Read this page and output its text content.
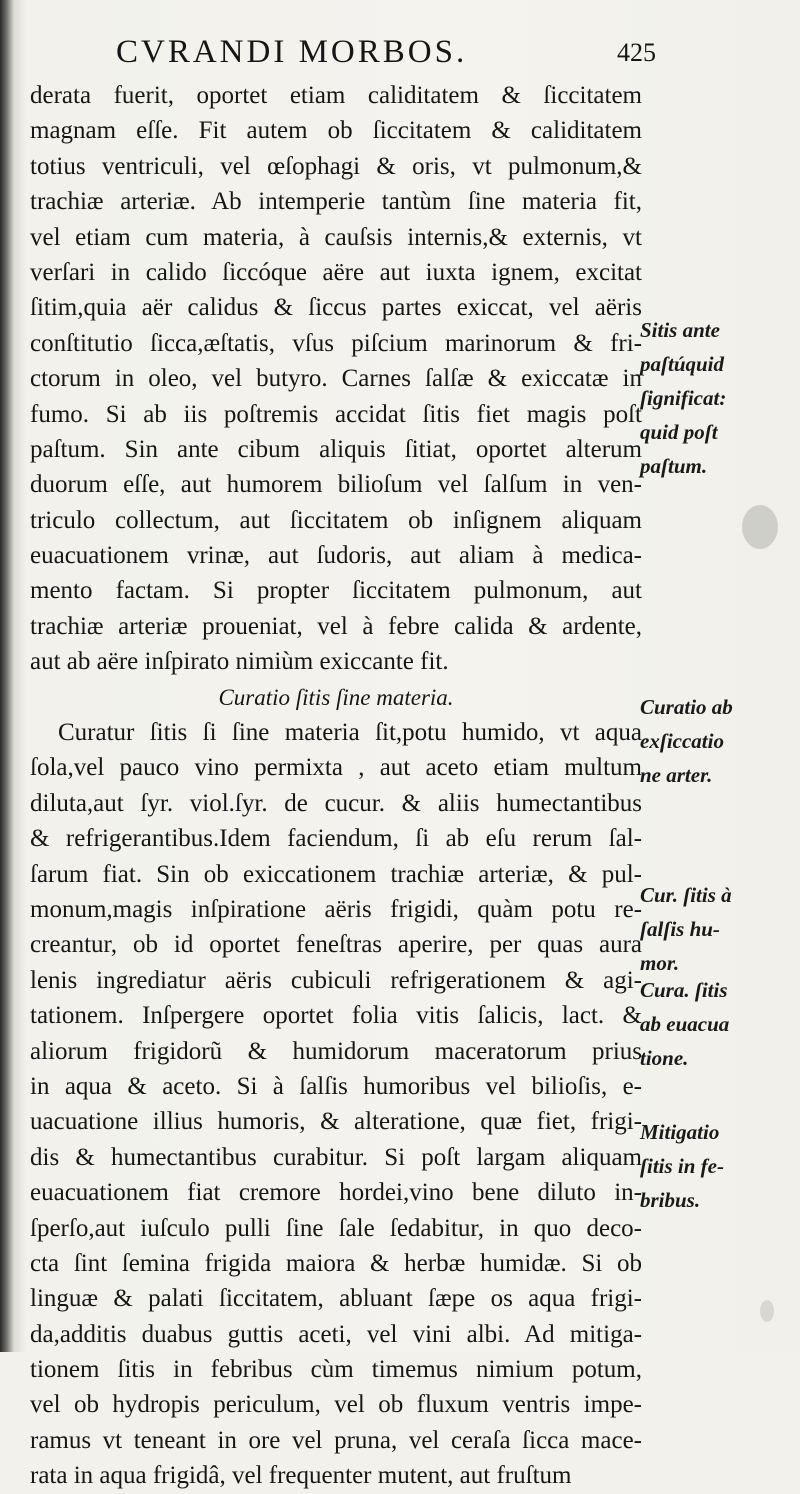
CVRANDI MORBOS.	425
derata fuerit, oportet etiam caliditatem & ſiccitatem
magnam eſſe. Fit autem ob ſiccitatem & caliditatem
totius ventriculi, vel œſophagi & oris, vt pulmonum,&
trachiæ arteriæ. Ab intemperie tantùm ſine materia fit,
vel etiam cum materia, à cauſsis internis,& externis, vt
verſari in calido ſiccóque aëre aut iuxta ignem, excitat
ſitim,quia aër calidus & ſiccus partes exiccat, vel aëris
conſtitutio ſicca,æſtatis, vſus piſcium marinorum & fri-
ctorum in oleo, vel butyro. Carnes ſalſæ & exiccatæ in
fumo. Si ab iis poſtremis accidat ſitis fiet magis poſt
paſtum. Sin ante cibum aliquis ſitiat, oportet alterum
duorum eſſe, aut humorem bilioſum vel ſalſum in ven-
triculo collectum, aut ſiccitatem ob inſignem aliquam
euacuationem vrinæ, aut ſudoris, aut aliam à medica-
mento factam. Si propter ſiccitatem pulmonum, aut
trachiæ arteriæ proueniat, vel à febre calida & ardente,
aut ab aëre inſpirato nimiùm exiccante fit.
Curatio ſitis ſine materia.
Curatur ſitis ſi ſine materia ſit,potu humido, vt aqua
ſola,vel pauco vino permixta , aut aceto etiam multum
diluta,aut ſyr. viol.ſyr. de cucur. & aliis humectantibus
& refrigerantibus.Idem faciendum, ſi ab eſu rerum ſal-
ſarum fiat. Sin ob exiccationem trachiæ arteriæ, & pul-
monum,magis inſpiratione aëris frigidi, quàm potu re-
creantur, ob id oportet feneſtras aperire, per quas aura
lenis ingrediatur aëris cubiculi refrigerationem & agi-
tationem. Inſpergere oportet folia vitis ſalicis, lact. &
aliorum frigidorũ & humidorum maceratorum prius
in aqua & aceto. Si à ſalſis humoribus vel bilioſis, e-
uacuatione illius humoris, & alteratione, quæ fiet, frigi-
dis & humectantibus curabitur. Si poſt largam aliquam
euacuationem fiat cremore hordei,vino bene diluto in-
ſperſo,aut iuſculo pulli ſine ſale ſedabitur, in quo deco-
cta ſint ſemina frigida maiora & herbæ humidæ. Si ob
linguæ & palati ſiccitatem, abluant ſæpe os aqua frigi-
da,additis duabus guttis aceti, vel vini albi. Ad mitiga-
tionem ſitis in febribus cùm timemus nimium potum,
vel ob hydropis periculum, vel ob fluxum ventris impe-
ramus vt teneant in ore vel pruna, vel ceraſa ſicca mace-
rata in aqua frigidâ, vel frequenter mutent, aut fruſtum
Sitis ante
paſtúquid
ſignificat:
quid poſt
paſtum.
Curatio ab
exſiccatio
ne arter.
Cur. ſitis à
ſalſis hu-
mor.
Cura. ſitis
ab euacua
tione.
Mitigatio
ſitis in fe-
bribus.
